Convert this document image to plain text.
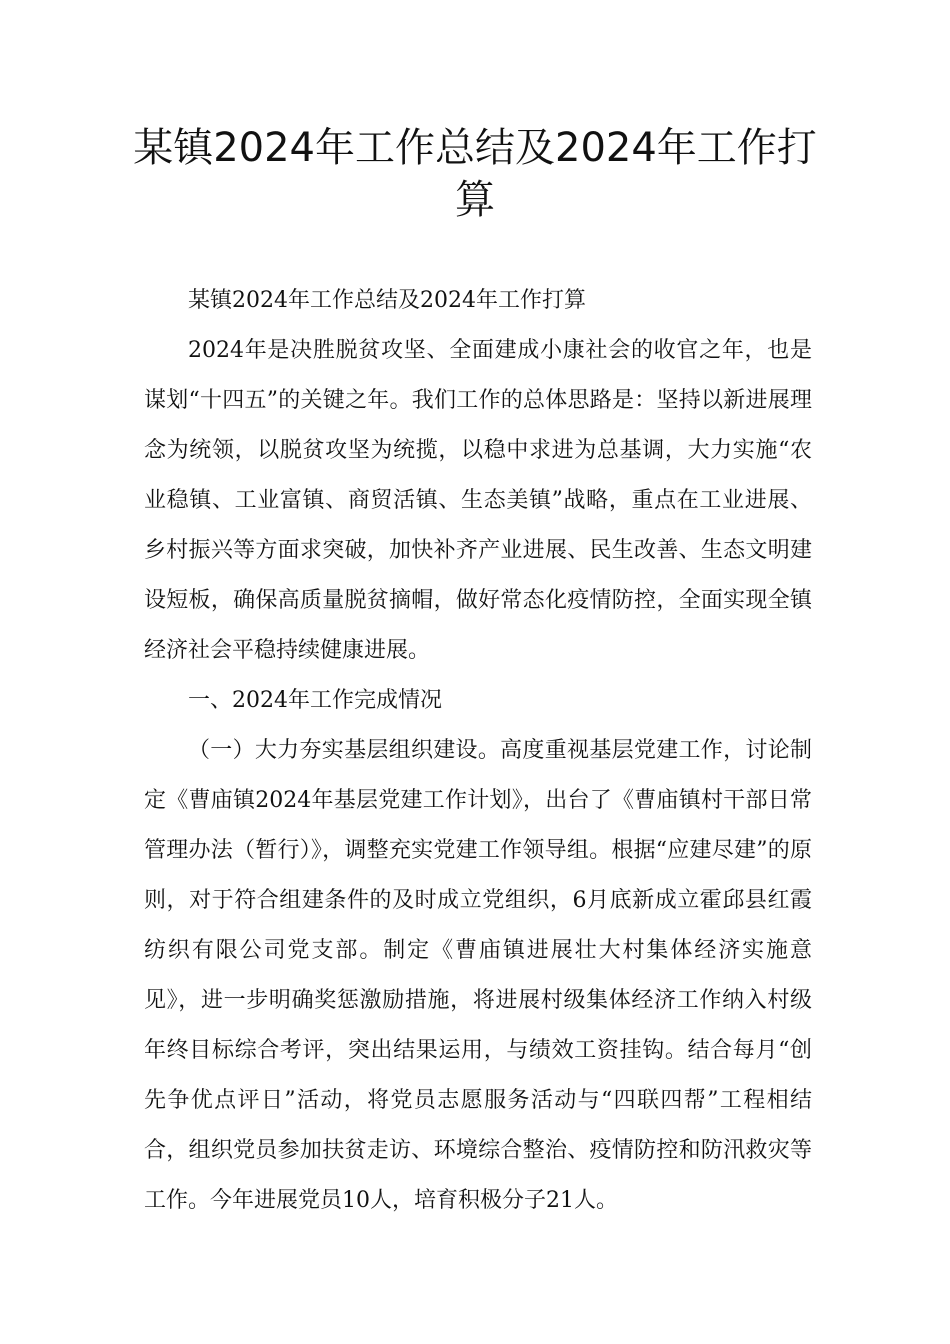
某镇2024年工作总结及2024年工作打算

某镇2024年工作总结及2024年工作打算

2024年是决胜脱贫攻坚、全面建成小康社会的收官之年，也是谋划“十四五”的关键之年。我们工作的总体思路是：坚持以新进展理念为统领，以脱贫攻坚为统揽，以稳中求进为总基调，大力实施“农业稳镇、工业富镇、商贸活镇、生态美镇”战略，重点在工业进展、乡村振兴等方面求突破，加快补齐产业进展、民生改善、生态文明建设短板，确保高质量脱贫摘帽，做好常态化疫情防控，全面实现全镇经济社会平稳持续健康进展。

一、2024年工作完成情况

（一）大力夯实基层组织建设。高度重视基层党建工作，讨论制定《曹庙镇2024年基层党建工作计划》，出台了《曹庙镇村干部日常管理办法（暂行）》，调整充实党建工作领导组。根据“应建尽建”的原则，对于符合组建条件的及时成立党组织，6月底新成立霍邱县红霞纺织有限公司党支部。制定《曹庙镇进展壮大村集体经济实施意见》，进一步明确奖惩激励措施，将进展村级集体经济工作纳入村级年终目标综合考评，突出结果运用，与绩效工资挂钩。结合每月“创先争优点评日”活动，将党员志愿服务活动与“四联四帮”工程相结合，组织党员参加扶贫走访、环境综合整治、疫情防控和防汛救灾等工作。今年进展党员10人，培育积极分子21人。
